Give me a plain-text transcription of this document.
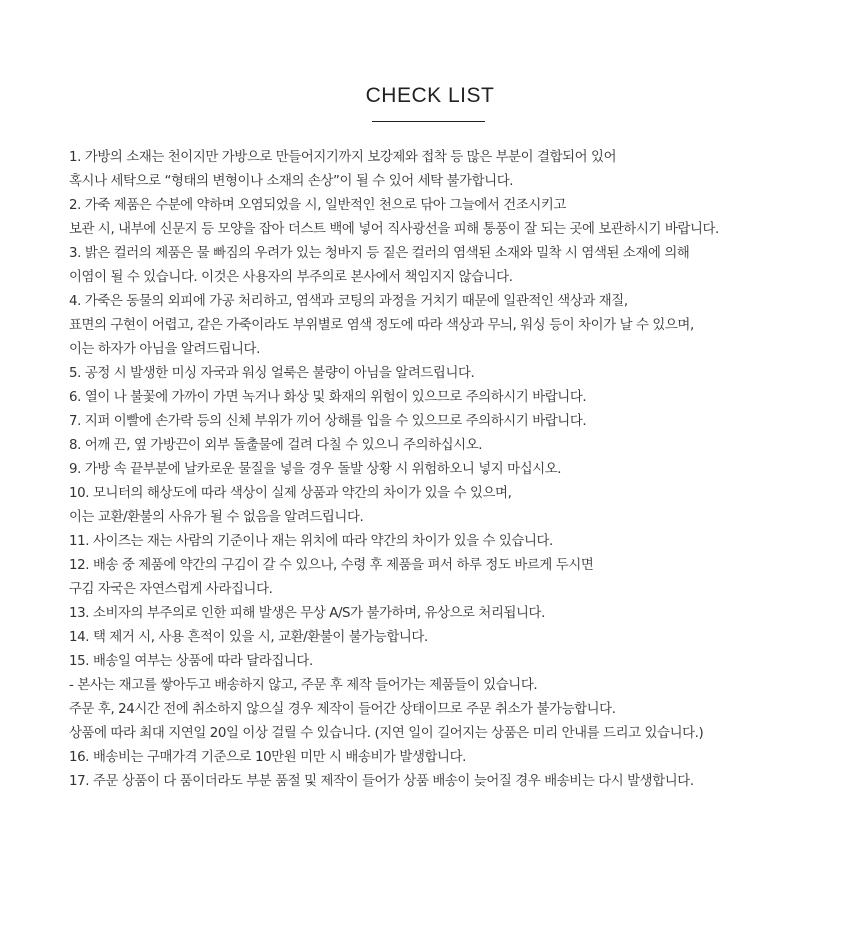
CHECK LIST
1. 가방의 소재는 천이지만 가방으로 만들어지기까지 보강제와 접착 등 많은 부분이 결합되어 있어
혹시나 세탁으로 “형태의 변형이나 소재의 손상”이 될 수 있어 세탁 불가합니다.
2. 가죽 제품은 수분에 약하며 오염되었을 시, 일반적인 천으로 닦아 그늘에서 건조시키고
보관 시, 내부에 신문지 등 모양을 잡아 더스트 백에 넣어 직사광선을 피해 통풍이 잘 되는 곳에 보관하시기 바랍니다.
3. 밝은 컬러의 제품은 물 빠짐의 우려가 있는 청바지 등 짙은 컬러의 염색된 소재와 밀착 시 염색된 소재에 의해
이염이 될 수 있습니다. 이것은 사용자의 부주의로 본사에서 책임지지 않습니다.
4. 가죽은 동물의 외피에 가공 처리하고, 염색과 코팅의 과정을 거치기 때문에 일관적인 색상과 재질,
표면의 구현이 어렵고, 같은 가죽이라도 부위별로 염색 정도에 따라 색상과 무늬, 워싱 등이 차이가 날 수 있으며,
이는 하자가 아님을 알려드립니다.
5. 공정 시 발생한 미싱 자국과 워싱 얼룩은 불량이 아님을 알려드립니다.
6. 열이 나 불꽃에 가까이 가면 녹거나 화상 및 화재의 위험이 있으므로 주의하시기 바랍니다.
7. 지퍼 이빨에 손가락 등의 신체 부위가 끼어 상해를 입을 수 있으므로 주의하시기 바랍니다.
8. 어깨 끈, 옆 가방끈이 외부 돌출물에 걸려 다칠 수 있으니 주의하십시오.
9. 가방 속 끝부분에 날카로운 물질을 넣을 경우 돌발 상황 시 위험하오니 넣지 마십시오.
10. 모니터의 해상도에 따라 색상이 실제 상품과 약간의 차이가 있을 수 있으며,
이는 교환/환불의 사유가 될 수 없음을 알려드립니다.
11. 사이즈는 재는 사람의 기준이나 재는 위치에 따라 약간의 차이가 있을 수 있습니다.
12. 배송 중 제품에 약간의 구김이 갈 수 있으나, 수령 후 제품을 펴서 하루 정도 바르게 두시면
구김 자국은 자연스럽게 사라집니다.
13. 소비자의 부주의로 인한 피해 발생은 무상 A/S가 불가하며, 유상으로 처리됩니다.
14. 택 제거 시, 사용 흔적이 있을 시, 교환/환불이 불가능합니다.
15. 배송일 여부는 상품에 따라 달라집니다.
- 본사는 재고를 쌓아두고 배송하지 않고, 주문 후 제작 들어가는 제품들이 있습니다.
주문 후, 24시간 전에 취소하지 않으실 경우 제작이 들어간 상태이므로 주문 취소가 불가능합니다.
상품에 따라 최대 지연일 20일 이상 걸릴 수 있습니다. (지연 일이 길어지는 상품은 미리 안내를 드리고 있습니다.)
16. 배송비는 구매가격 기준으로 10만원 미만 시 배송비가 발생합니다.
17. 주문 상품이 다 품이더라도 부분 품절 및 제작이 들어가 상품 배송이 늦어질 경우 배송비는 다시 발생합니다.
